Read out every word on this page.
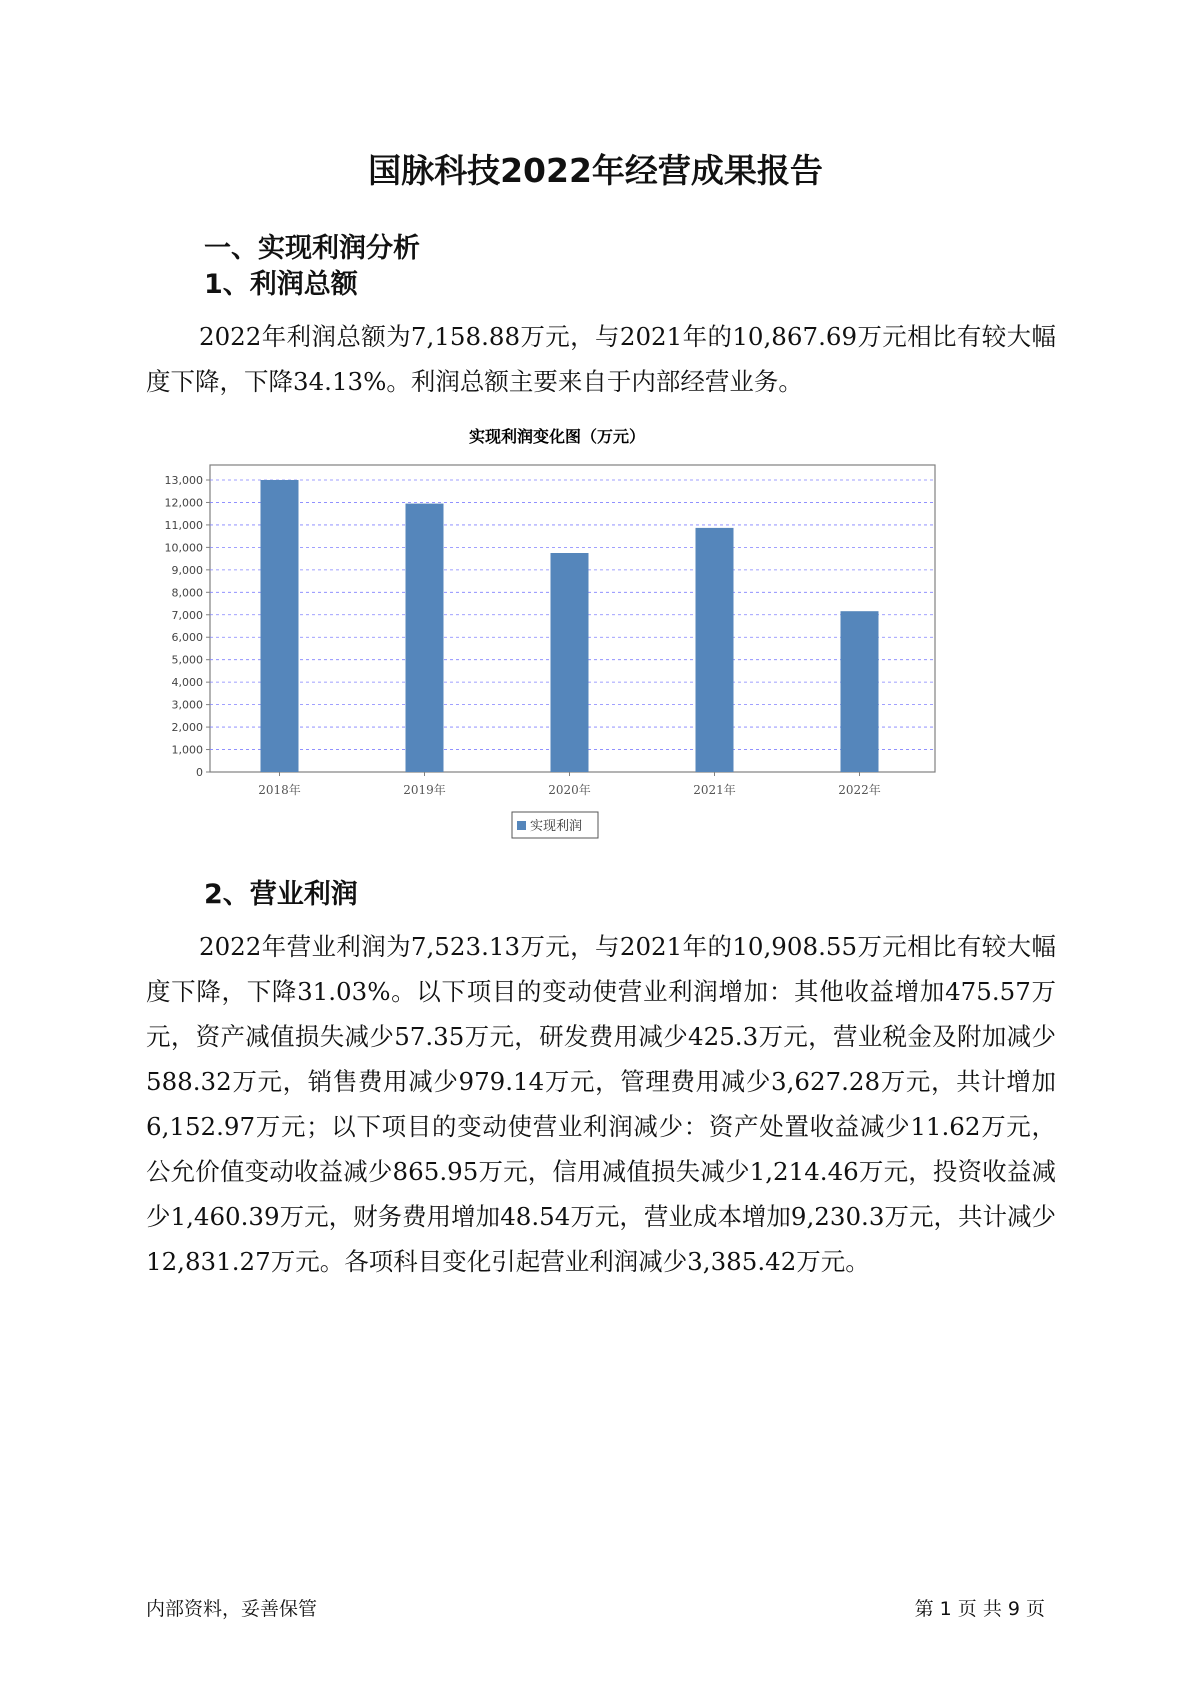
国脉科技2022年经营成果报告
一、实现利润分析
1、利润总额

2022年利润总额为7,158.88万元，与2021年的10,867.69万元相比有较大幅度下降，下降34.13%。利润总额主要来自于内部经营业务。

实现利润变化图（万元）
0
1,000
2,000
3,000
4,000
5,000
6,000
7,000
8,000
9,000
10,000
11,000
12,000
13,000
2018年	2019年	2020年	2021年	2022年
实现利润
2、营业利润

2022年营业利润为7,523.13万元，与2021年的10,908.55万元相比有较大幅度下降，下降31.03%。以下项目的变动使营业利润增加：其他收益增加475.57万元，资产减值损失减少57.35万元，研发费用减少425.3万元，营业税金及附加减少588.32万元，销售费用减少979.14万元，管理费用减少3,627.28万元，共计增加6,152.97万元；以下项目的变动使营业利润减少：资产处置收益减少11.62万元，公允价值变动收益减少865.95万元，信用减值损失减少1,214.46万元，投资收益减少1,460.39万元，财务费用增加48.54万元，营业成本增加9,230.3万元，共计减少12,831.27万元。各项科目变化引起营业利润减少3,385.42万元。

内部资料，妥善保管	第 1 页 共 9 页
